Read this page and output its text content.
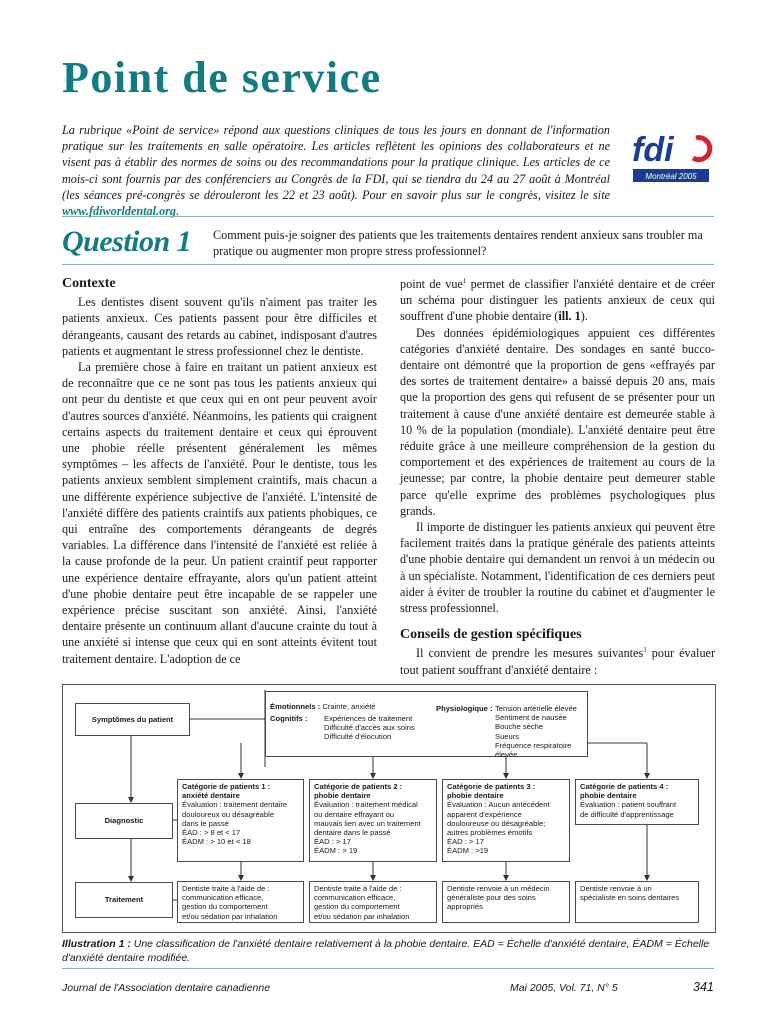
Point de service
La rubrique «Point de service» répond aux questions cliniques de tous les jours en donnant de l'information pratique sur les traitements en salle opératoire. Les articles reflètent les opinions des collaborateurs et ne visent pas à établir des normes de soins ou des recommandations pour la pratique clinique. Les articles de ce mois-ci sont fournis par des conférenciers au Congrès de la FDI, qui se tiendra du 24 au 27 août à Montréal (les séances pré-congrès se dérouleront les 22 et 23 août). Pour en savoir plus sur le congrès, visitez le site www.fdiworldental.org.
fdi
Montréal 2005
Question 1 Comment puis-je soigner des patients que les traitements dentaires rendent anxieux sans troubler ma pratique ou augmenter mon propre stress professionnel?
Contexte

Les dentistes disent souvent qu'ils n'aiment pas traiter les patients anxieux. Ces patients passent pour être difficiles et dérangeants, causant des retards au cabinet, indisposant d'autres patients et augmentant le stress professionnel chez le dentiste.

La première chose à faire en traitant un patient anxieux est de reconnaître que ce ne sont pas tous les patients anxieux qui ont peur du dentiste et que ceux qui en ont peur peuvent avoir d'autres sources d'anxiété. Néanmoins, les patients qui craignent certains aspects du traitement dentaire et ceux qui éprouvent une phobie réelle présentent généralement les mêmes symptômes – les affects de l'anxiété. Pour le dentiste, tous les patients anxieux semblent simplement craintifs, mais chacun a une différente expérience subjective de l'anxiété. L'intensité de l'anxiété diffère des patients craintifs aux patients phobiques, ce qui entraîne des comportements dérangeants de degrés variables. La différence dans l'intensité de l'anxiété est reliée à la cause profonde de la peur. Un patient craintif peut rapporter une expérience dentaire effrayante, alors qu'un patient atteint d'une phobie dentaire peut être incapable de se rappeler une expérience précise suscitant son anxiété. Ainsi, l'anxiété dentaire présente un continuum allant d'aucune crainte du tout à une anxiété si intense que ceux qui en sont atteints évitent tout traitement dentaire. L'adoption de ce

point de vue$^1$ permet de classifier l'anxiété dentaire et de créer un schéma pour distinguer les patients anxieux de ceux qui souffrent d'une phobie dentaire (ill. 1).

Des données épidémiologiques appuient ces différentes catégories d'anxiété dentaire. Des sondages en santé bucco-dentaire ont démontré que la proportion de gens «effrayés par des sortes de traitement dentaire» a baissé depuis 20 ans, mais que la proportion des gens qui refusent de se présenter pour un traitement à cause d'une anxiété dentaire est demeurée stable à 10 % de la population (mondiale). L'anxiété dentaire peut être réduite grâce à une meilleure compréhension de la gestion du comportement et des expériences de traitement au cours de la jeunesse; par contre, la phobie dentaire peut demeurer stable parce qu'elle exprime des problèmes psychologiques plus grands.

Il importe de distinguer les patients anxieux qui peuvent être facilement traités dans la pratique générale des patients atteints d'une phobie dentaire qui demandent un renvoi à un médecin ou à un spécialiste. Notamment, l'identification de ces derniers peut aider à éviter de troubler la routine du cabinet et d'augmenter le stress professionnel.

Conseils de gestion spécifiques

Il convient de prendre les mesures suivantes$^1$ pour évaluer tout patient souffrant d'anxiété dentaire :

Symptômes du patient
Diagnostic
Traitement
Émotionnels : Crainte, anxiété
Cognitifs : Expériences de traitement
Difficulté d'accès aux soins
Difficulté d'élocution
Physiologique : Tension artérielle élevée
Sentiment de nausée
Bouche sèche
Sueurs
Fréquence respiratoire élevée
Catégorie de patients 1 :
anxiété dentaire
Évaluation : traitement dentaire
douloureux ou désagréable
dans le passé
ÉAD : > 8 et < 17
ÉADM : > 10 et < 18
Catégorie de patients 2 :
phobie dentaire
Évaluation : traitement médical
ou dentaire effrayant ou
mauvais lien avec un traitement
dentaire dans le passé
ÉAD : > 17
ÉADM : > 19
Catégorie de patients 3 :
phobie dentaire
Évaluation : Aucun antécédent
apparent d'expérience
douloureuse ou désagréable;
autres problèmes émotifs
ÉAD : > 17
ÉADM : >19
Catégorie de patients 4 :
phobie dentaire
Évaluation : patient souffrant
de difficulté d'apprentissage
Dentiste traite à l'aide de :
communication efficace,
gestion du comportement
et/ou sédation par inhalation
Dentiste traite à l'aide de :
communication efficace,
gestion du comportement
et/ou sédation par inhalation
Dentiste renvoie à un médecin
généraliste pour des soins
appropriés
Dentiste renvoie à un
spécialiste en soins dentaires
Illustration 1 : Une classification de l'anxiété dentaire relativement à la phobie dentaire. EAD = Échelle d'anxiété dentaire, ÉADM = Échelle d'anxiété dentaire modifiée.
Journal de l'Association dentaire canadienne	Mai 2005, Vol. 71, N° 5	341
